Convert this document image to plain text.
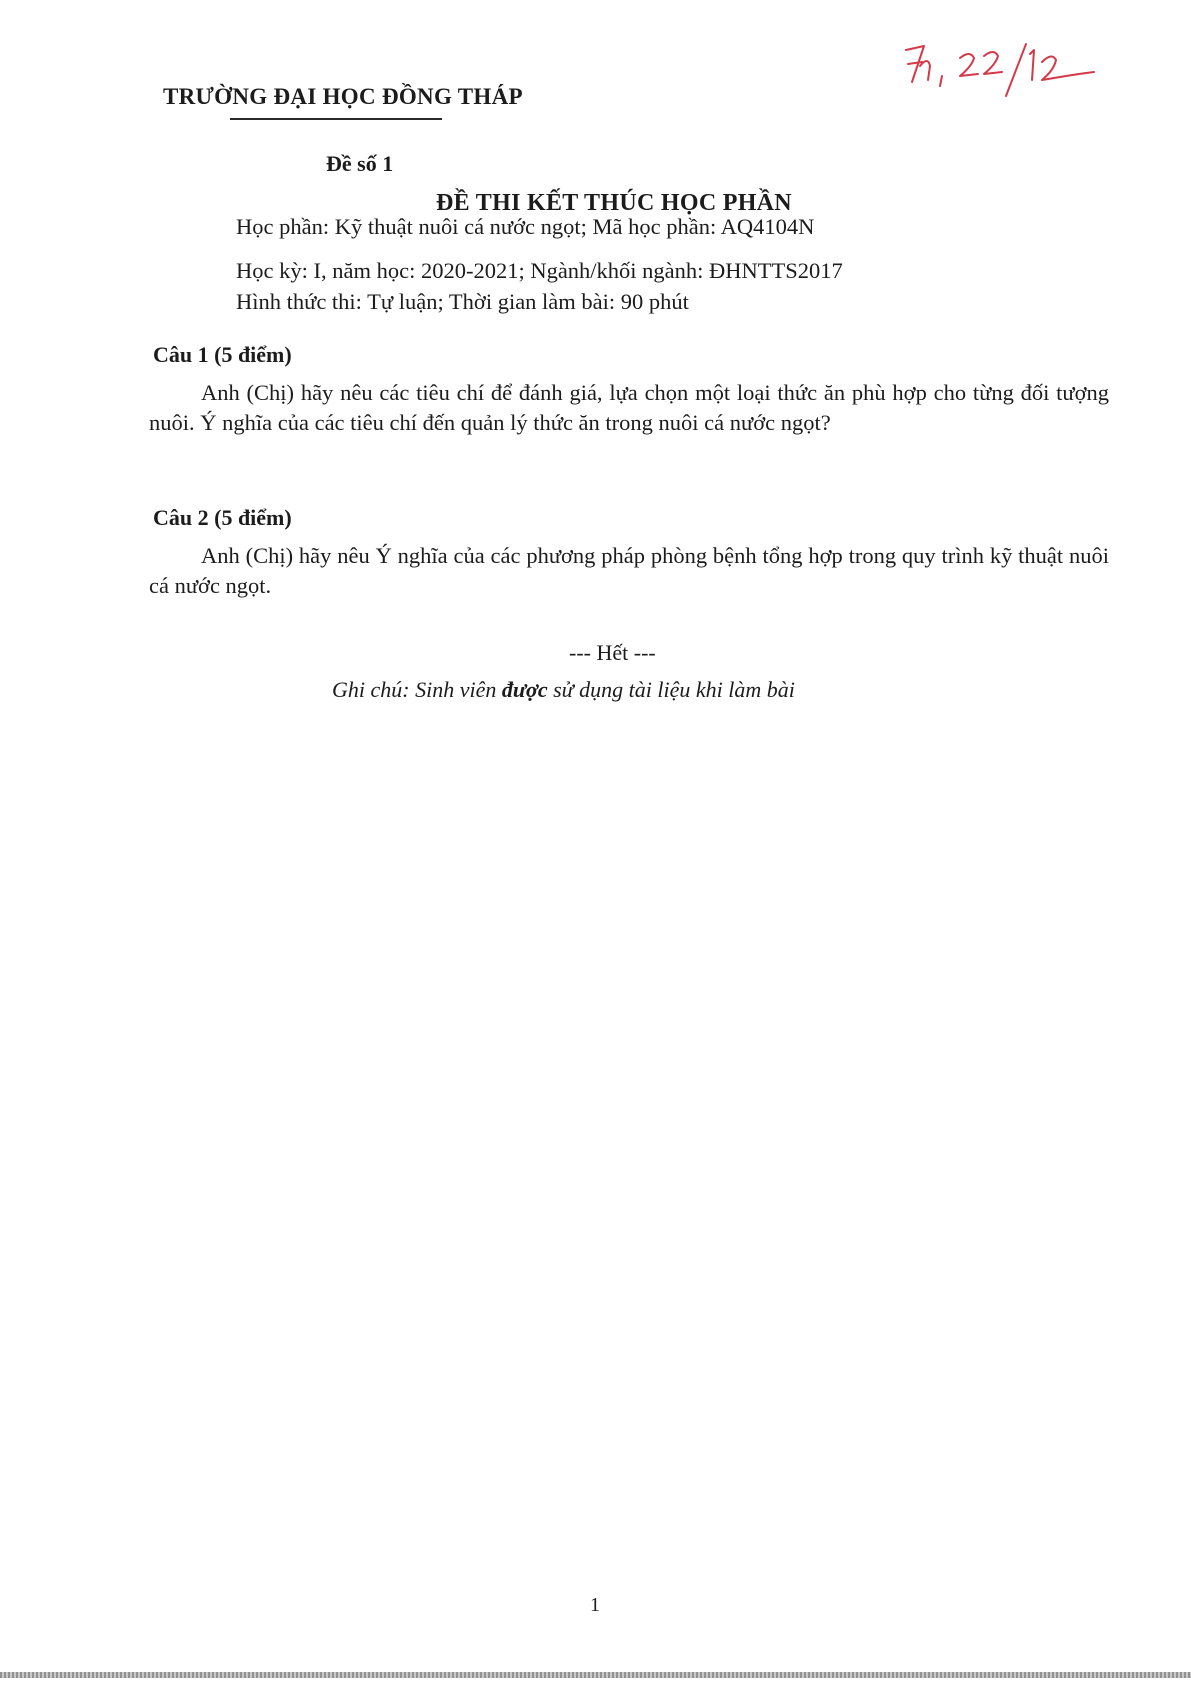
TRƯỜNG ĐẠI HỌC ĐỒNG THÁP
7h, 22/12
Đề số 1
ĐỀ THI KẾT THÚC HỌC PHẦN
Học phần: Kỹ thuật nuôi cá nước ngọt; Mã học phần: AQ4104N
Học kỳ: I, năm học: 2020-2021; Ngành/khối ngành: ĐHNTTS2017
Hình thức thi: Tự luận; Thời gian làm bài: 90 phút
Câu 1 (5 điểm)
Anh (Chị) hãy nêu các tiêu chí để đánh giá, lựa chọn một loại thức ăn phù hợp cho từng đối tượng nuôi. Ý nghĩa của các tiêu chí đến quản lý thức ăn trong nuôi cá nước ngọt?
Câu 2 (5 điểm)
Anh (Chị) hãy nêu Ý nghĩa của các phương pháp phòng bệnh tổng hợp trong quy trình kỹ thuật nuôi cá nước ngọt.
--- Hết ---
Ghi chú: Sinh viên được sử dụng tài liệu khi làm bài
1
